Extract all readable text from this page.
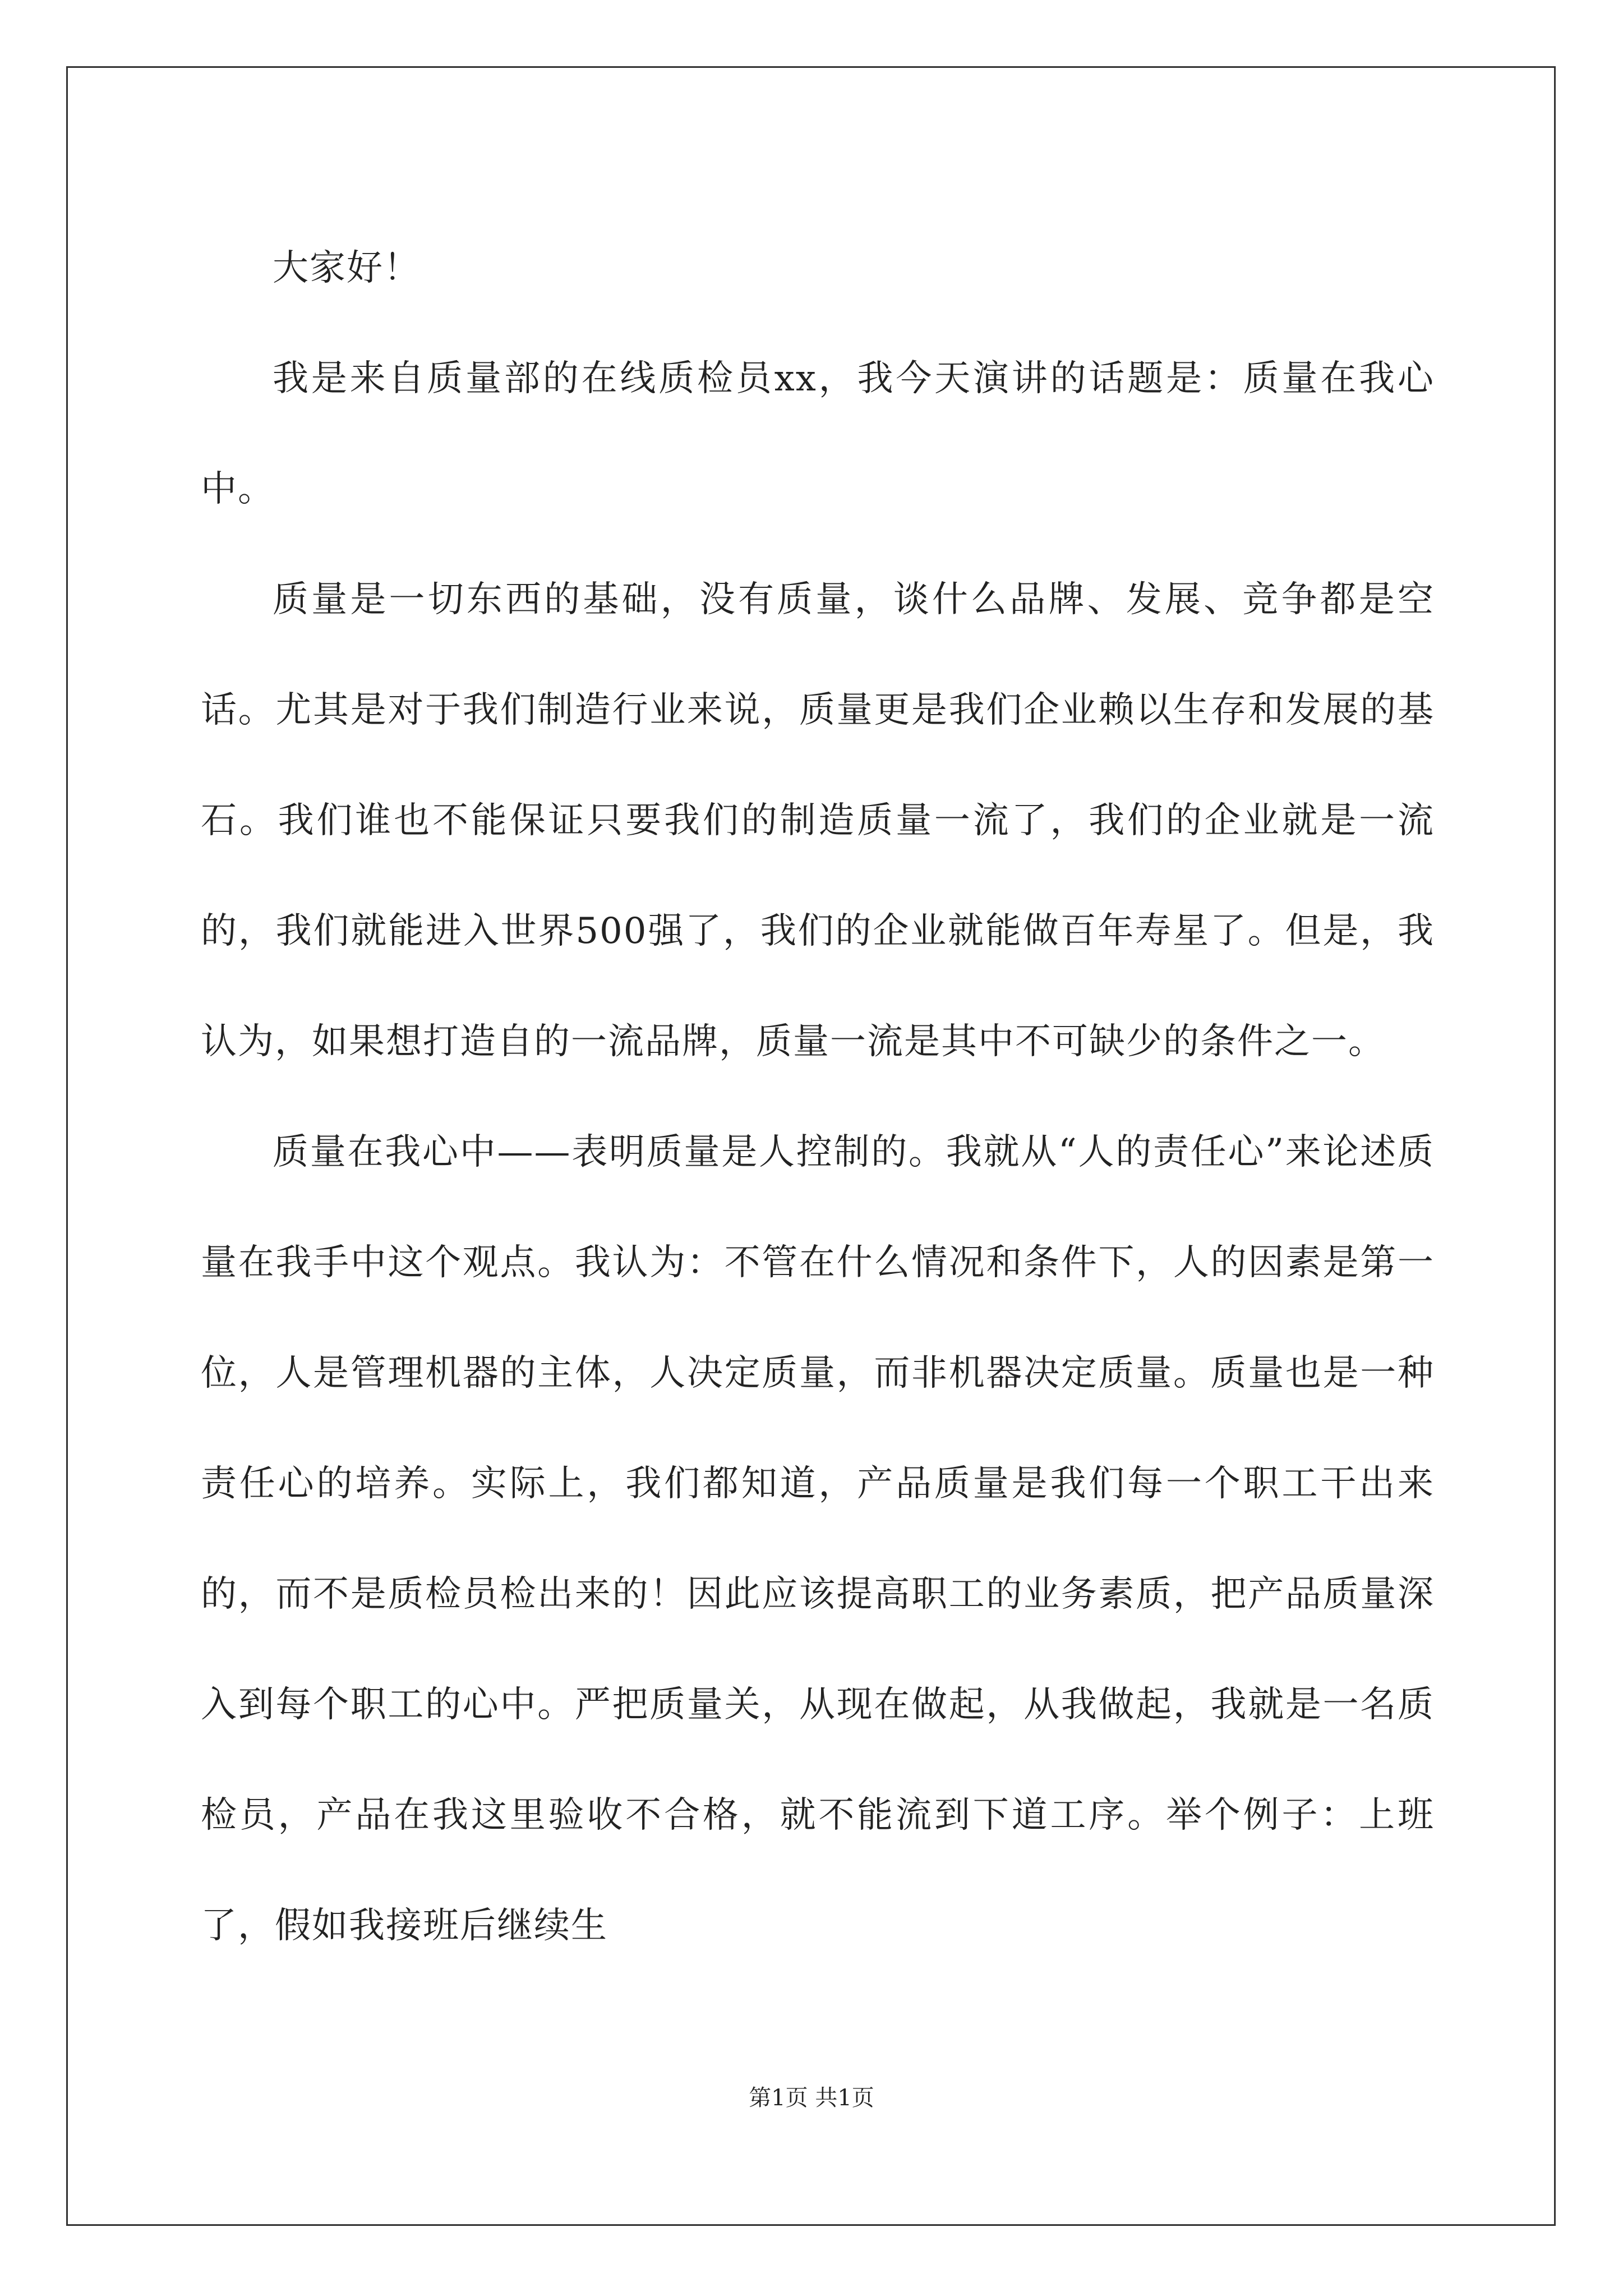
大家好！

我是来自质量部的在线质检员xx，我今天演讲的话题是：质量在我心中。

质量是一切东西的基础，没有质量，谈什么品牌、发展、竞争都是空话。尤其是对于我们制造行业来说，质量更是我们企业赖以生存和发展的基石。我们谁也不能保证只要我们的制造质量一流了，我们的企业就是一流的，我们就能进入世界500强了，我们的企业就能做百年寿星了。但是，我认为，如果想打造自的一流品牌，质量一流是其中不可缺少的条件之一。

质量在我心中——表明质量是人控制的。我就从“人的责任心”来论述质量在我手中这个观点。我认为：不管在什么情况和条件下，人的因素是第一位，人是管理机器的主体，人决定质量，而非机器决定质量。质量也是一种责任心的培养。实际上，我们都知道，产品质量是我们每一个职工干出来的，而不是质检员检出来的！因此应该提高职工的业务素质，把产品质量深入到每个职工的心中。严把质量关，从现在做起，从我做起，我就是一名质检员，产品在我这里验收不合格，就不能流到下道工序。举个例子：上班了，假如我接班后继续生

第1页 共1页
